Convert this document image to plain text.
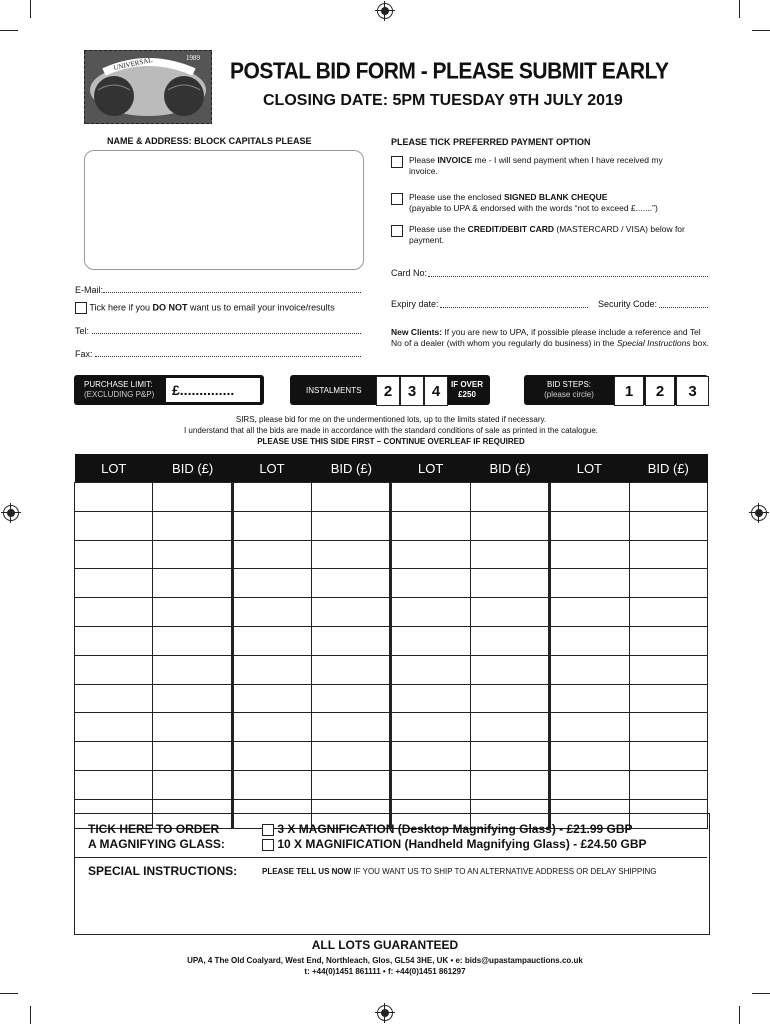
UNIVERSAL	1989
POSTAL BID FORM - PLEASE SUBMIT EARLY
CLOSING DATE: 5PM TUESDAY 9TH JULY 2019
NAME & ADDRESS: BLOCK CAPITALS PLEASE
E-Mail:
Tick here if you DO NOT want us to email your invoice/results
Tel:
Fax:
PLEASE TICK PREFERRED PAYMENT OPTION
Please INVOICE me - I will send payment when I have received my invoice.
Please use the enclosed SIGNED BLANK CHEQUE
(payable to UPA & endorsed with the words “not to exceed £.......”)
Please use the CREDIT/DEBIT CARD (MASTERCARD / VISA) below for payment.
Card No:
Expiry date:	Security Code:
New Clients: If you are new to UPA, if possible please include a reference and Tel No of a dealer (with whom you regularly do business) in the Special Instructions box.
PURCHASE LIMIT:
(EXCLUDING P&P)	£..............	INSTALMENTS
IF OVER
£250
2	3	4	BID STEPS:
(please circle)	1	2	3
SIRS, please bid for me on the undermentioned lots, up to the limits stated if necessary.
I understand that all the bids are made in accordance with the standard conditions of sale as printed in the catalogue.
PLEASE USE THIS SIDE FIRST – CONTINUE OVERLEAF IF REQUIRED
LOT	BID (£)	LOT	BID (£)	LOT	BID (£)	LOT	BID (£)

TICK HERE TO ORDER
A MAGNIFYING GLASS:
3 X MAGNIFICATION (Desktop Magnifying Glass) - £21.99 GBP
10 X MAGNIFICATION (Handheld Magnifying Glass) - £24.50 GBP
SPECIAL INSTRUCTIONS:	PLEASE TELL US NOW IF YOU WANT US TO SHIP TO AN ALTERNATIVE ADDRESS OR DELAY SHIPPING
ALL LOTS GUARANTEED
UPA, 4 The Old Coalyard, West End, Northleach, Glos, GL54 3HE, UK • e: bids@upastampauctions.co.uk
t: +44(0)1451 861111 • f: +44(0)1451 861297
